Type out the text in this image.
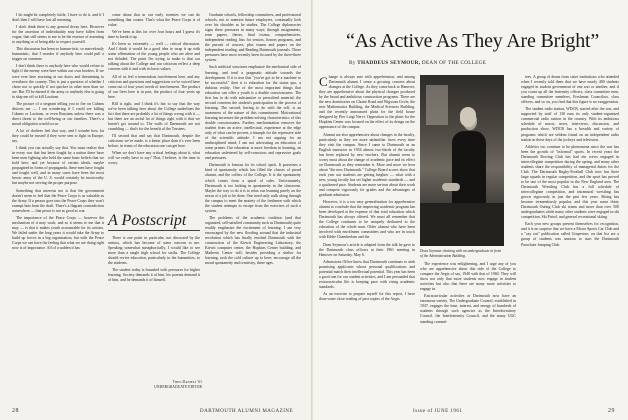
I do might be completely futile, I have to do it, and if I don't then I will have lost all meaning.

I don't think there is any general decay here. However for the assertion of individuality may have fallen from vogue, that still seems to me to be the essence of assenting to anything or of being able to respect yourself.

This discussion has been so human-istic, so marvelously humanistic, that I wonder if anybody here could pull a trigger on someone.

I don't think there is anybody here who would refuse to fight if the enemy were here within our own borders. If we were ever here storming at our doors and threatening to overthrow the country. This is just a question of whether I chose not to quickly if not quicker in other men than we are. But I'll be darned if the army or anybody else is going to ship me off to kill Laotians.

The picture of a sergeant telling you to fire on Cubans distorts me — I am wondering if I could see killing Cubans or Laotians, or even Russians unless there was a direct threat to the well-being or our families. There's a moral obligation would occur.

A lot of draftees feel that way, and I wonder how far they could be trusted if they were sent to fight in Europe, say.

I think you can actually say that. You must realize that in every war that has been fought by a nation there have been men fighting who held the same basic beliefs that we hold here, and yet because of certain ideals, maybe propagated in forms of propaganda, these men have fought and fought well, and in many cases have been the most heroic army of the U. S. would certainly be trustworthy but maybe not serving the proper purpose.

Something that interests me is that the government doesn't seem to feel that the Peace Corps is as valuable as the Army. If a person goes into the Peace Corps they won't exempt him from the draft. There's a flagrant contradiction somewhere — that peace is not as good as war.

The importance of the Peace Corps — however the mechanism of it may work, and so it seems to me that it may — is that it makes youth accountable for its actions. We failed under the long years it would take the Army to build up forces in a big organization, but with the Peace Corps we can have the feeling that what we are doing right now is of importance. All of a sudden it has

come about that in our early twenties we can do something that counts. That's what the Peace Corps is of value.

We've been at this for over four hours and I guess it's time to break it up.

It's been so extremely — well — critical discussion. And I think it would be a good idea to wrap it up with some affirmation of the young people who are alive and not deluded. The point I'm trying to make is that our talking about the College and our criticism reflect a deep concern with it and with its basic values.

All of us feel a tremendous involvement here, and any criticism and questions and suggestions we've voiced have come out of four years' needs of involvement. The product of our lives here is in part, the product of four years up here.

Bill is right, and I think it's fair to say that the way we've been talking here about the College underlines the fact that there are probably a lot of things wrong with it — but there are an awful lot of things right with it that we haven't got around to. The walls of Dartmouth are not crumbling — that's for the benefit of the Trustees.

I'll second that and say that Dartmouth, despite the criticisms we've made, is a better place than it's ever been before, in terms of the education one can get here.

When we don't have any critical feelings about it, what will we really have to say? That, I believe, is the time to worry.

A Postscript

There is one point in particular, not discussed by the seniors, which has become of some concern to me. Speaking somewhat metaphorically, I would like to see more than a single high school for sixths. The College should revive education, particularly in the humanities, to the students.

The student today is bounded with pressures for higher learning. Society demands it of him, his parents demand it of him, and he demands it of himself.

Theo Daniels '61
UNDERGRADUATE EDITOR

Graduate schools, fellowship committees, and professional schools, not to mention future employers, continually look over his shoulder as he studies. The College diplomacies signs these pressures in many ways; through assignments, term papers, theses, final exams, comprehensives, independent reading lists for seniors, honors programs, and the pursuit of courses, plus exams and papers on the independent reading, and Reading Dartmouth journals. These pressures have most recently been focused by the three-three system.

Such artificial structures emphasize the mechanical side of learning, and tend a pragmatic attitude towards the development. If it is true that "you've got to be a machine to be successful," then it is education for the status quo, a dubious reality. One of the most important things that education can offer a youth is a double consciousness. The first has to do with substantive or prescribed material, the second concerns the student's participation in the process of learning. The second, having to do with the self, is an awareness of the nature of this commitment. Motivational learning increases the problem-solving characteristics of this double consciousness. Further, mechanization removes the student from an active, intellectual, experience at the edge only of what can be proven, a triumph for the repressive side of the scientific attitude. I am not arguing for an undisciplined mind; I am not advocating an education of some primer. Our education is more freedom in learning, an education unfettered by self-conscious and repressive goals and pressures.

Dartmouth is famous for its school spirit. It possesses a kind of spontaneity which has filled the classes of proud alumni, and the coffers of the College. It is the spontaneity which comes from a spiral of rules. Unfortunately, Dartmouth is too lacking in spontaneity in the classroom. Maybe the way to do it is to relax our learning purely on the nexus of a job to be done. One need only walk along through the campus to meet the anxiety of the freshmen with which the student attempts to escape from the exercises of such a system.

The problems of the academic tradition (and that organized, self-satisfied community such as Dartmouth) quite readily emphasize the excitement of learning. I am very encouraged by the new flooding around that the industrial revolution which has finally reached Dartmouth with the construction of the Kiewit Engineering Laboratory, the Kiewit computer center, the Hopkins Center building, and Mathesis Center will, besides providing a shelter for learning, rush the cold culture up to here; encourage all the moral spontaneity and creativity, these ages.

28	DARTMOUTH ALUMNI MAGAZINE
“As Active As They Are Bright”
By THADDEUS SEYMOUR, DEAN OF THE COLLEGE
C hange is always met with apprehension, and among Dartmouth alumni I sense a growing concern about changes at the College. As they come back to Hanover, they are apprehensive about the physical changes produced by the broad and ambitious construction programs. There are the new dormitories on Choate Road and Wigwam Circle, the new Mathematics Building, the Medical Sciences Building, and the recently announced plans for the field house designed by Pier Luigi Nervi. Opposition to the plans for the Hopkins Center was focused on the effect of its design on the appearance of the campus.

Alumni are also apprehensive about changes in the faculty, particularly as they see more unfamiliar faces every time they visit the campus. Since I came to Dartmouth as an English instructor in 1954 almost two-thirds of the faculty has been replaced by new teachers. But alumni seem to worry most about the change of academic pace and its effect on Dartmouth as they remember it. More and more we hear about "the new Dartmouth." College Board scores show that each year our students are getting brighter — what with a new, young faculty has set higher academic standards — and a quickened pace. Students are more serious about their work and compete vigorously for grades and the advantages of graduate admission.

However, it is a too easy generalization for apprehensive alumni to conclude that the improving academic program has been developed at the expense of that total education which Dartmouth has always offered. We must all remember that the College continues to be uniquely dedicated to the education of the whole man. Older alumni who have been involved with enrollment committees and who are in touch with Eddie Chamberlain and the

Dean Seymour's article is adapted from the talk he gave to the Dartmouth class officers at their 1961 meeting in Hanover on Saturday, May 6.

Admissions Office know that Dartmouth continues to seek promising applicants whose personal qualifications and potential match their intellectual potential. This year has been a good one for our student activities, and I am persuaded that extracurricular life is keeping pace with rising academic standards.

As an exercise to prepare myself for this report, I have done some close reading of past copies of the Aegis.

Dean Seymour chatting with an undergraduate in front of the Administration Building.

The experience was enlightening, and I urge any of you who are apprehensive about this side of the College to compare the Aegis of say, 1940 with that of 1960. They will show not only that more students now engage in student activities but also that there are many more activities to engage in.

Extracurricular activities at Dartmouth now have an enormous variety. The Undergraduate Council, established in 1947, engages the time, interest, and energy of hundreds of students through such agencies as the Interdormitory Council, the Interfraternity Council, and the many UGC standing commit-

tees. A group of deans from sister institutions who attended when I recently told them that we have nearly 400 students engaged in student government of one sort or another, and if you count up all the fraternity officers, class committee men, standing committee members, Freshman Councilors, class officers, and so on, you find that this figure is no exaggeration.

The student radio station, WDCR, started after the war, and supported by staff of 130 runs its only student-organized commercial radio station in the country. With its ambitious schedule of music, news, interviews, discussion, and production show, WDCR has a breadth and variety of programs which are seldom found on an independent radio station in these days of the jockeys and television.

Athletics too continue to be phenomena since the war has been the growth of "informal" sports. In recent years the Dartmouth Rowing Club has had ten crews engaged in intercollegiate competition during the spring, and many other students share the responsibility of managerial duties for the Club. The Dartmouth Rugby-Football Club now has three large squads in regular competition, and the sport has proved to be one of the most popular in the New England area. The Dartmouth Wrestling Club has a full schedule of intercollegiate competition, and intramural wrestling has grown vigorously in just the past few years. Skiing has become tremendously popular, and this year some thirty Dartmouth Outing Club ski teams and more than over 500 undergraduates while many other students were engaged in ski competition, Ski Patrol, and general recreational skiing.

Each year new groups present themselves for recognition, and it is no surprise that we have a Motor Sports Car Club and a "say out" publication called Grapevine; on that list are a group of students was anxious to start the Dartmouth Parachute Jumping Club.

Issue of JUNE 1961	29
